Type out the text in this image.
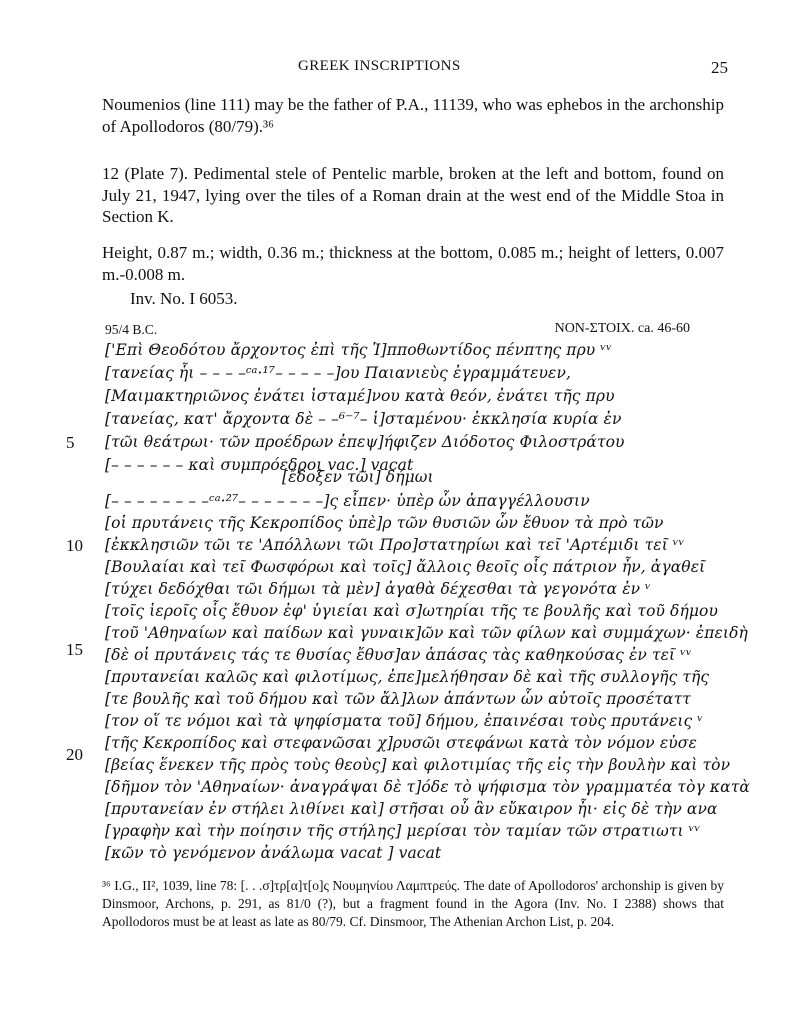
GREEK INSCRIPTIONS	25
Noumenios (line 111) may be the father of P.A., 11139, who was ephebos in the archonship of Apollodoros (80/79).³⁶
12 (Plate 7). Pedimental stele of Pentelic marble, broken at the left and bottom, found on July 21, 1947, lying over the tiles of a Roman drain at the west end of the Middle Stoa in Section K.
Height, 0.87 m.; width, 0.36 m.; thickness at the bottom, 0.085 m.; height of letters, 0.007 m.-0.008 m.
Inv. No. I 6053.
95/4 B.C.	NON-ΣΤΟΙΧ. ca. 46-60
5
10
15
20
['Επὶ Θεοδότου ἄρχοντος ἐπὶ τῆς Ἱ]πποθωντίδος πένπτης πρυ ᵛᵛ
[τανείας ἧι – – – –ᶜᵃ·¹⁷– – – – –]ου Παιανιεὺς ἐγραμμάτευεν,
[Μαιμακτηριῶνος ἐνάτει ἱσταμέ]νου κατὰ θεόν, ἐνάτει τῆς πρυ
[τανείας, κατ' ἄρχοντα δὲ – –⁶⁻⁷– ἱ]σταμένου· ἐκκλησία κυρία ἐν
[τῶι θεάτρωι· τῶν προέδρων ἐπεψ]ήφιζεν Διόδοτος Φιλοστράτου
[– – – – – – καὶ συμπρόεδροι vac.] vacat
[ἔδοξεν τῶι] δήμωι
[– – – – – – – –ᶜᵃ·²⁷– – – – – – –]ς εἶπεν· ὑπὲρ ὧν ἀπαγγέλλουσιν
[οἱ πρυτάνεις τῆς Κεκροπίδος ὑπὲ]ρ τῶν θυσιῶν ὧν ἔθυον τὰ πρὸ τῶν
[ἐκκλησιῶν τῶι τε 'Απόλλωνι τῶι Προ]στατηρίωι καὶ τεῖ 'Αρτέμιδι τεῖ ᵛᵛ
[Βουλαίαι καὶ τεῖ Φωσφόρωι καὶ τοῖς] ἄλλοις θεοῖς οἷς πάτριον ἦν, ἀγαθεῖ
[τύχει δεδόχθαι τῶι δήμωι τὰ μὲν] ἀγαθὰ δέχεσθαι τὰ γεγονότα ἐν ᵛ
[τοῖς ἱεροῖς οἷς ἔθυον ἐφ' ὑγιείαι καὶ σ]ωτηρίαι τῆς τε βουλῆς καὶ τοῦ δήμου
[τοῦ 'Αθηναίων καὶ παίδων καὶ γυναικ]ῶν καὶ τῶν φίλων καὶ συμμάχων· ἐπειδὴ
[δὲ οἱ πρυτάνεις τάς τε θυσίας ἔθυσ]αν ἁπάσας τὰς καθηκούσας ἐν τεῖ ᵛᵛ
[πρυτανείαι καλῶς καὶ φιλοτίμως, ἐπε]μελήθησαν δὲ καὶ τῆς συλλογῆς τῆς
[τε βουλῆς καὶ τοῦ δήμου καὶ τῶν ἄλ]λων ἁπάντων ὧν αὐτοῖς προσέταττ
[τον οἵ τε νόμοι καὶ τὰ ψηφίσματα τοῦ] δήμου, ἐπαινέσαι τοὺς πρυτάνεις ᵛ
[τῆς Κεκροπίδος καὶ στεφανῶσαι χ]ρυσῶι στεφάνωι κατὰ τὸν νόμον εὐσε
[βείας ἕνεκεν τῆς πρὸς τοὺς θεοὺς] καὶ φιλοτιμίας τῆς εἰς τὴν βουλὴν καὶ τὸν
[δῆμον τὸν 'Αθηναίων· ἀναγράψαι δὲ τ]όδε τὸ ψήφισμα τὸν γραμματέα τὸγ κατὰ
[πρυτανείαν ἐν στήλει λιθίνει καὶ] στῆσαι οὗ ἂν εὔκαιρον ἧι· εἰς δὲ τὴν ανα
[γραφὴν καὶ τὴν ποίησιν τῆς στήλης] μερίσαι τὸν ταμίαν τῶν στρατιωτι ᵛᵛ
[κῶν τὸ γενόμενον ἀνάλωμα vacat ] vacat
³⁶ I.G., II², 1039, line 78: [. . .σ]τρ[α]τ[ο]ς Νουμηνίου Λαμπτρεύς. The date of Apollodoros' archonship is given by Dinsmoor, Archons, p. 291, as 81/0 (?), but a fragment found in the Agora (Inv. No. I 2388) shows that Apollodoros must be at least as late as 80/79. Cf. Dinsmoor, The Athenian Archon List, p. 204.
